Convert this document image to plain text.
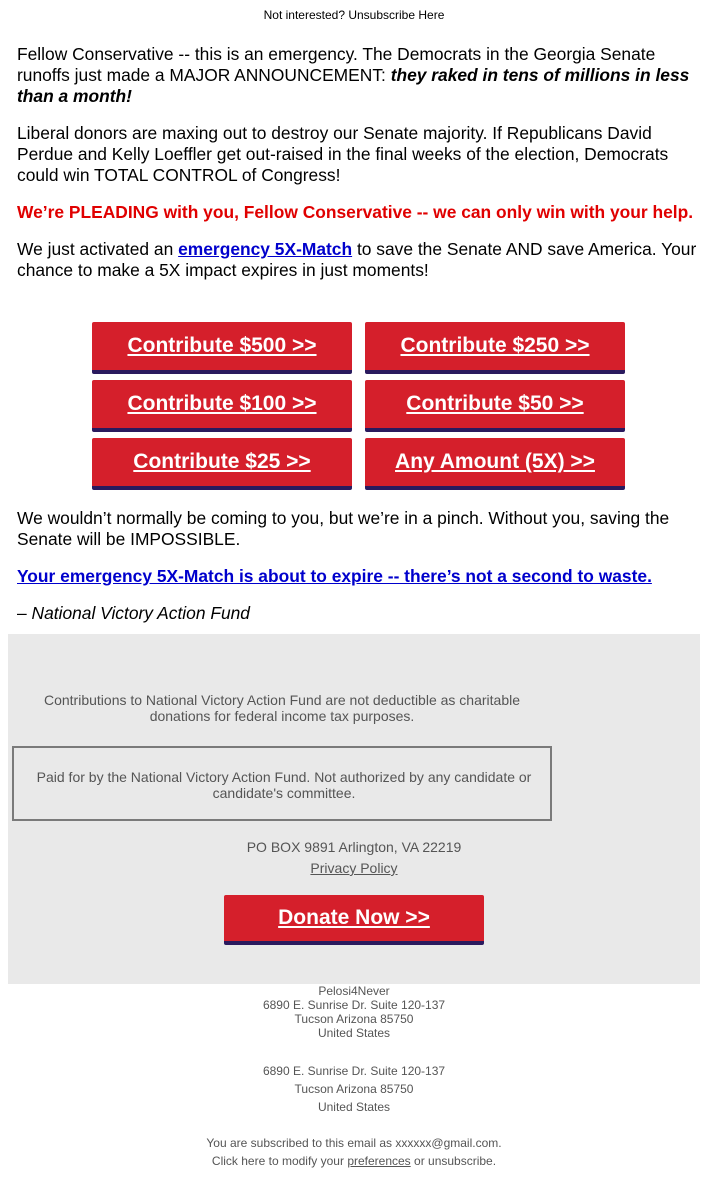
Not interested? Unsubscribe Here

Fellow Conservative -- this is an emergency. The Democrats in the Georgia Senate runoffs just made a MAJOR ANNOUNCEMENT: they raked in tens of millions in less than a month!

Liberal donors are maxing out to destroy our Senate majority. If Republicans David Perdue and Kelly Loeffler get out-raised in the final weeks of the election, Democrats could win TOTAL CONTROL of Congress!

We’re PLEADING with you, Fellow Conservative -- we can only win with your help.

We just activated an emergency 5X-Match to save the Senate AND save America. Your chance to make a 5X impact expires in just moments!

Contribute $500 >>	Contribute $250 >>
Contribute $100 >>	Contribute $50 >>
Contribute $25 >>	Any Amount (5X) >>

We wouldn’t normally be coming to you, but we’re in a pinch. Without you, saving the Senate will be IMPOSSIBLE.

Your emergency 5X-Match is about to expire -- there’s not a second to waste.

– National Victory Action Fund
Contributions to National Victory Action Fund are not deductible as charitable donations for federal income tax purposes.
Paid for by the National Victory Action Fund. Not authorized by any candidate or candidate's committee.
PO BOX 9891 Arlington, VA 22219
Privacy Policy
Donate Now >>
Pelosi4Never
6890 E. Sunrise Dr. Suite 120-137
Tucson Arizona 85750
United States
6890 E. Sunrise Dr. Suite 120-137
Tucson Arizona 85750
United States
You are subscribed to this email as xxxxxx@gmail.com.
Click here to modify your preferences or unsubscribe.
